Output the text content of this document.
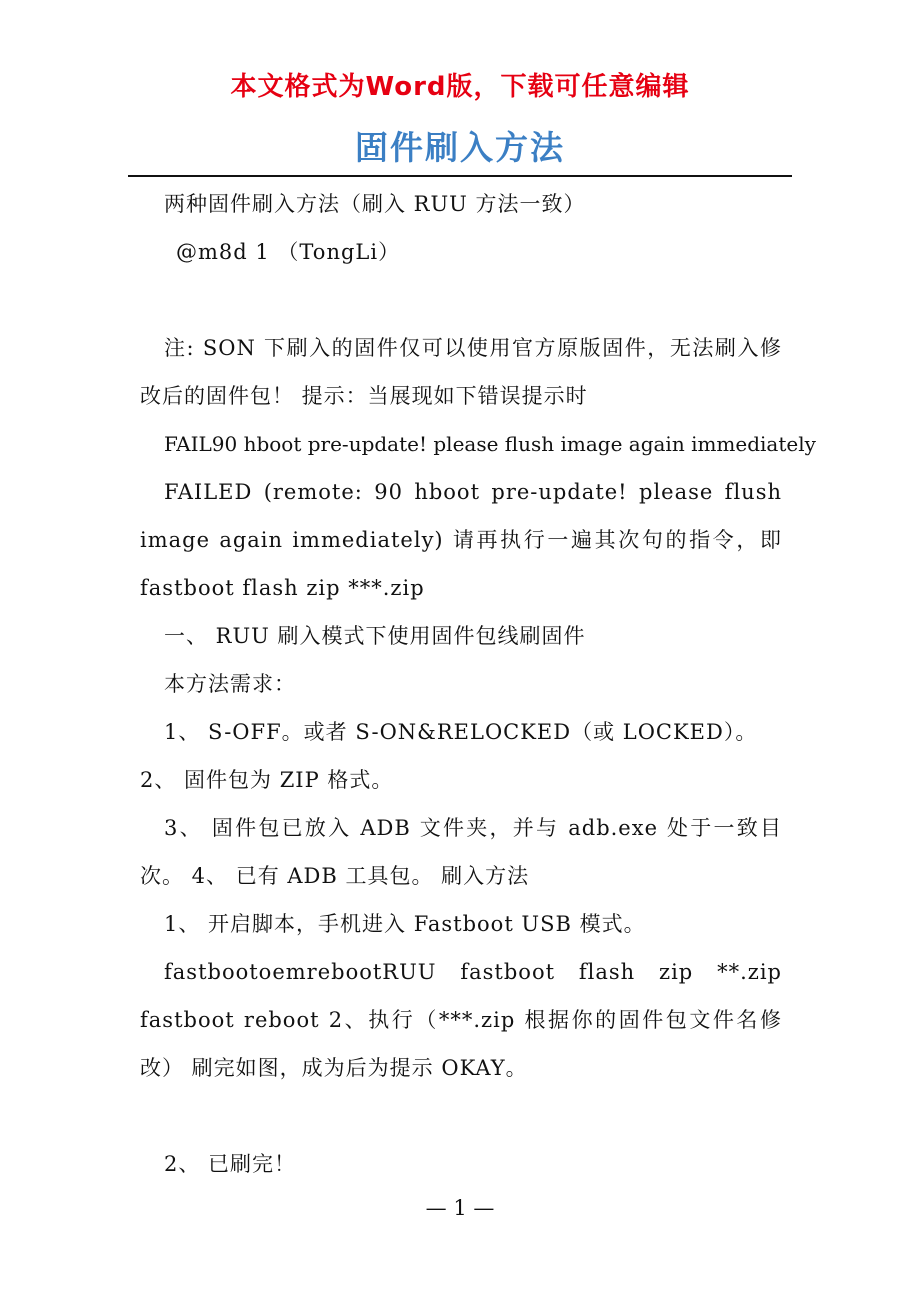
本文格式为Word版，下载可任意编辑
固件刷入方法

两种固件刷入方法（刷入 RUU 方法一致）

@m8d 1 （TongLi）

注: SON 下刷入的固件仅可以使用官方原版固件，无法刷入修改后的固件包！ 提示：当展现如下错误提示时

FAIL90 hboot pre-update! please flush image again immediately

FAILED (remote: 90 hboot pre-update! please flush image again immediately) 请再执行一遍其次句的指令，即 fastboot flash zip ***.zip

一、 RUU 刷入模式下使用固件包线刷固件

本方法需求：

1、 S-OFF。或者 S-ON&RELOCKED（或 LOCKED）。

2、 固件包为 ZIP 格式。

3、 固件包已放入 ADB 文件夹，并与 adb.exe 处于一致目次。 4、 已有 ADB 工具包。 刷入方法

1、 开启脚本，手机进入 Fastboot USB 模式。

fastbootoemrebootRUU fastboot flash zip **.zip fastboot reboot 2、执行（***.zip 根据你的固件包文件名修改） 刷完如图，成为后为提示 OKAY。

2、 已刷完！

— 1 —
